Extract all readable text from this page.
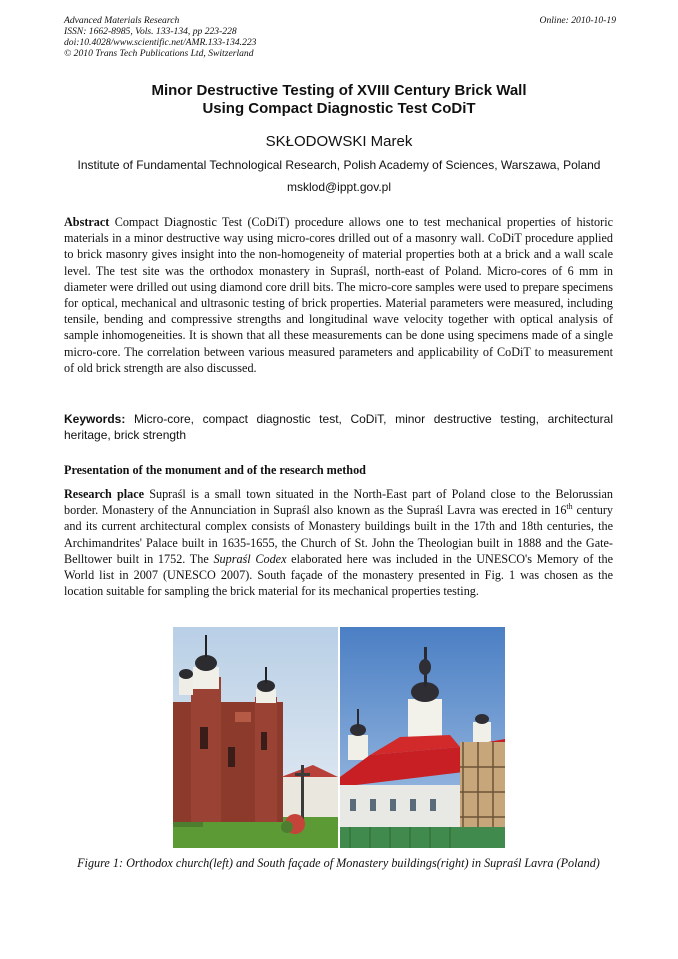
Advanced Materials Research
ISSN: 1662-8985, Vols. 133-134, pp 223-228
doi:10.4028/www.scientific.net/AMR.133-134.223
© 2010 Trans Tech Publications Ltd, Switzerland
Online: 2010-10-19
Minor Destructive Testing of XVIII Century Brick Wall
Using Compact Diagnostic Test CoDiT
SKŁODOWSKI Marek
Institute of Fundamental Technological Research, Polish Academy of Sciences, Warszawa, Poland
msklod@ippt.gov.pl
Abstract Compact Diagnostic Test (CoDiT) procedure allows one to test mechanical properties of historic materials in a minor destructive way using micro-cores drilled out of a masonry wall. CoDiT procedure applied to brick masonry gives insight into the non-homogeneity of material properties both at a brick and a wall scale level. The test site was the orthodox monastery in Supraśl, north-east of Poland. Micro-cores of 6 mm in diameter were drilled out using diamond core drill bits. The micro-core samples were used to prepare specimens for optical, mechanical and ultrasonic testing of brick properties. Material parameters were measured, including tensile, bending and compressive strengths and longitudinal wave velocity together with optical analysis of sample inhomogeneities. It is shown that all these measurements can be done using specimens made of a single micro-core. The correlation between various measured parameters and applicability of CoDiT to measurement of old brick strength are also discussed.
Keywords: Micro-core, compact diagnostic test, CoDiT, minor destructive testing, architectural heritage, brick strength
Presentation of the monument and of the research method
Research place Supraśl is a small town situated in the North-East part of Poland close to the Belorussian border. Monastery of the Annunciation in Supraśl also known as the Supraśl Lavra was erected in 16th century and its current architectural complex consists of Monastery buildings built in the 17th and 18th centuries, the Archimandrites' Palace built in 1635-1655, the Church of St. John the Theologian built in 1888 and the Gate-Belltower built in 1752. The Supraśl Codex elaborated here was included in the UNESCO's Memory of the World list in 2007 (UNESCO 2007). South façade of the monastery presented in Fig. 1 was chosen as the location suitable for sampling the brick material for its mechanical properties testing.
Figure 1: Orthodox church(left) and South façade of Monastery buildings(right) in Supraśl Lavra (Poland)
